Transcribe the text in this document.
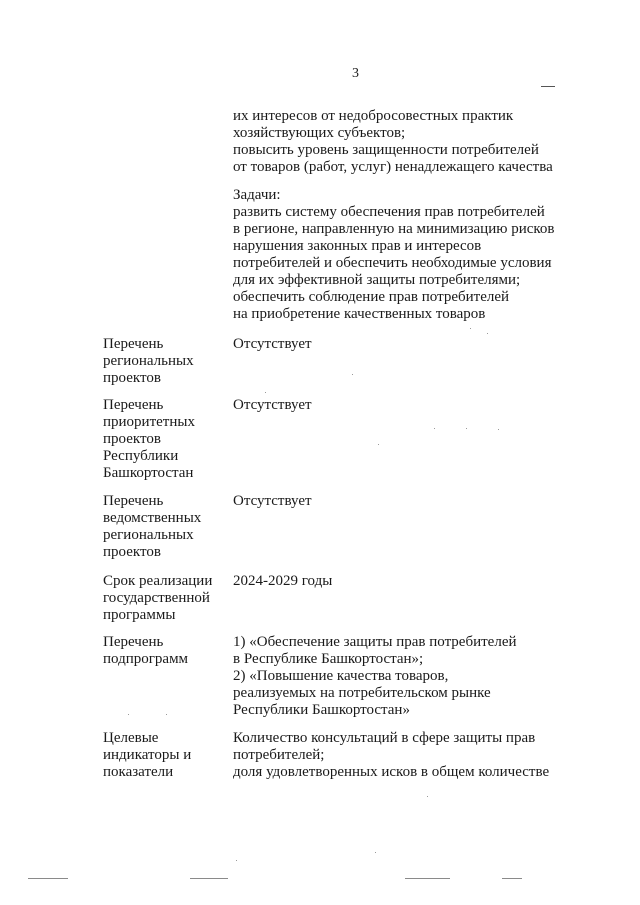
3
их интересов от недобросовестных практик
хозяйствующих субъектов;
повысить уровень защищенности потребителей
от товаров (работ, услуг) ненадлежащего качества
Задачи:
развить систему обеспечения прав потребителей
в регионе, направленную на минимизацию рисков
нарушения законных прав и интересов
потребителей и обеспечить необходимые условия
для их эффективной защиты потребителями;
обеспечить соблюдение прав потребителей
на приобретение качественных товаров
Перечень
региональных
проектов
Отсутствует
Перечень
приоритетных
проектов
Республики
Башкортостан
Отсутствует
Перечень
ведомственных
региональных
проектов
Отсутствует
Срок реализации
государственной
программы
2024-2029 годы
Перечень
подпрограмм
1) «Обеспечение защиты прав потребителей
в Республике Башкортостан»;
2) «Повышение качества товаров,
реализуемых на потребительском рынке
Республики Башкортостан»
Целевые
индикаторы и
показатели
Количество консультаций в сфере защиты прав
потребителей;
доля удовлетворенных исков в общем количестве
